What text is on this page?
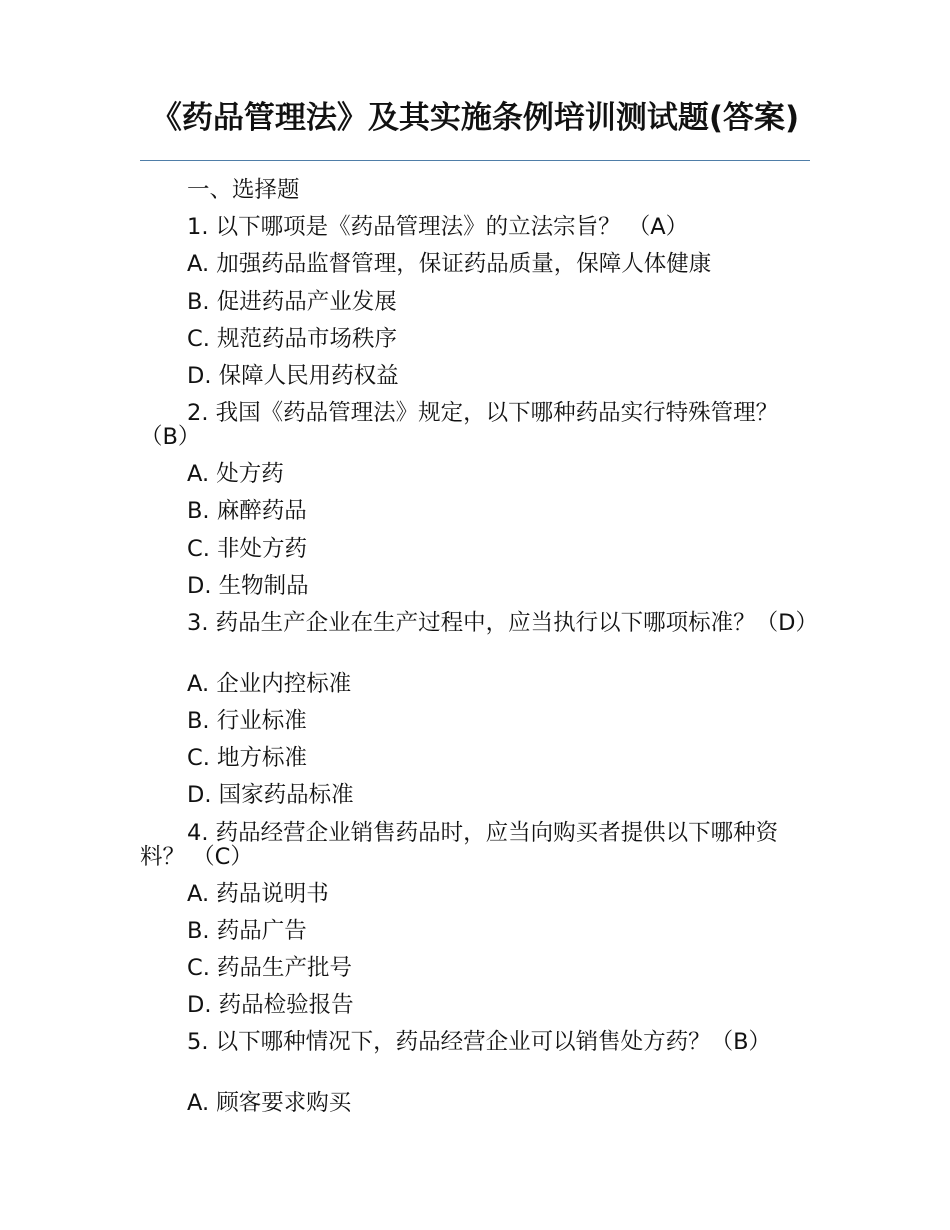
《药品管理法》及其实施条例培训测试题(答案)

一、选择题

1. 以下哪项是《药品管理法》的立法宗旨？ （A）

A. 加强药品监督管理，保证药品质量，保障人体健康

B. 促进药品产业发展

C. 规范药品市场秩序

D. 保障人民用药权益

2. 我国《药品管理法》规定，以下哪种药品实行特殊管理？ （B）

A. 处方药

B. 麻醉药品

C. 非处方药

D. 生物制品

3. 药品生产企业在生产过程中，应当执行以下哪项标准？（D）

A. 企业内控标准

B. 行业标准

C. 地方标准

D. 国家药品标准

4. 药品经营企业销售药品时，应当向购买者提供以下哪种资料？ （C）

A. 药品说明书

B. 药品广告

C. 药品生产批号

D. 药品检验报告

5. 以下哪种情况下，药品经营企业可以销售处方药？（B）

A. 顾客要求购买
